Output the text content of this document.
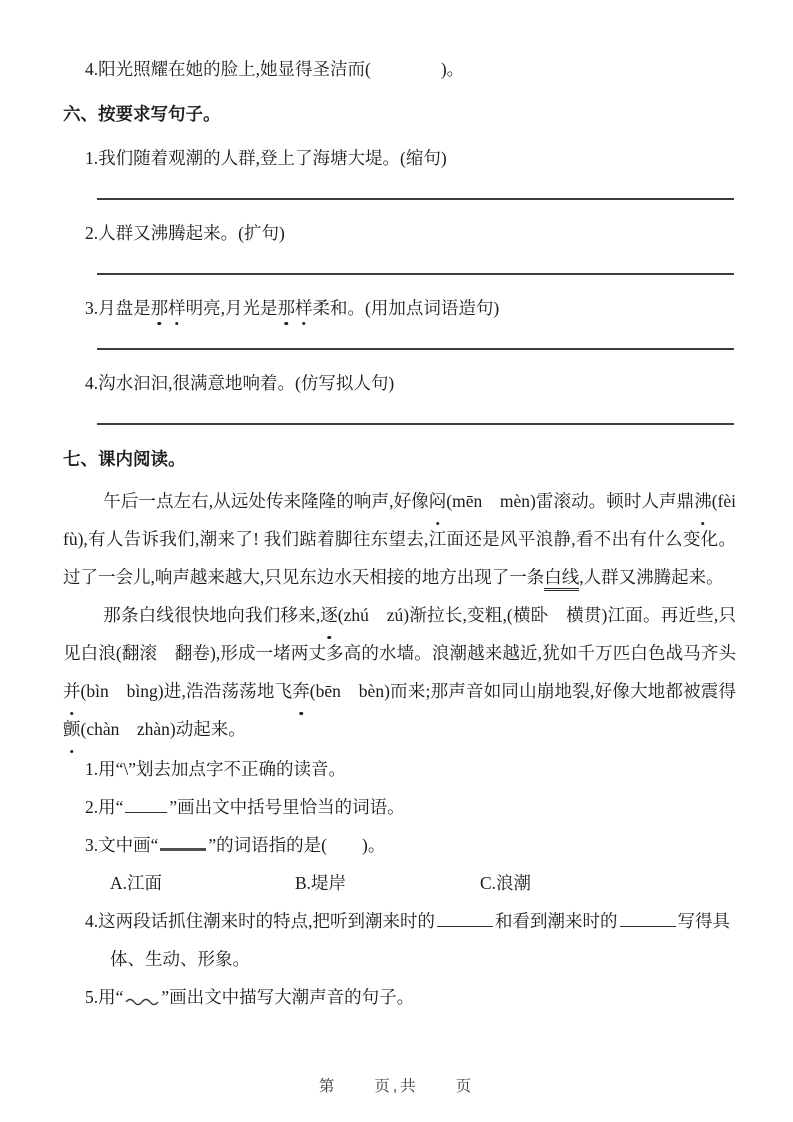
4.阳光照耀在她的脸上,她显得圣洁而(　　　　)。

六、按要求写句子。

1.我们随着观潮的人群,登上了海塘大堤。(缩句)

2.人群又沸腾起来。(扩句)

3.月盘是那样明亮,月光是那样柔和。(用加点词语造句)

4.沟水汩汩,很满意地响着。(仿写拟人句)

七、课内阅读。

午后一点左右,从远处传来隆隆的响声,好像闷(mēn　mèn)雷滚动。顿时人声鼎沸(fèi　fù),有人告诉我们,潮来了! 我们踮着脚往东望去,江面还是风平浪静,看不出有什么变化。过了一会儿,响声越来越大,只见东边水天相接的地方出现了一条白线,人群又沸腾起来。

那条白线很快地向我们移来,逐(zhú　zú)渐拉长,变粗,(横卧　横贯)江面。再近些,只见白浪(翻滚　翻卷),形成一堵两丈多高的水墙。浪潮越来越近,犹如千万匹白色战马齐头并(bìn　bìng)进,浩浩荡荡地飞奔(bēn　bèn)而来;那声音如同山崩地裂,好像大地都被震得颤(chàn　zhàn)动起来。

1.用“\”划去加点字不正确的读音。
2.用“	”画出文中括号里恰当的词语。
3.文中画“	”的词语指的是(　　)。
A.江面	B.堤岸	C.浪潮
4.这两段话抓住潮来时的特点,把听到潮来时的	和看到潮来时的	写得具体、生动、形象。
5.用“ ”画出文中描写大潮声音的句子。
第　　页,共　　页
